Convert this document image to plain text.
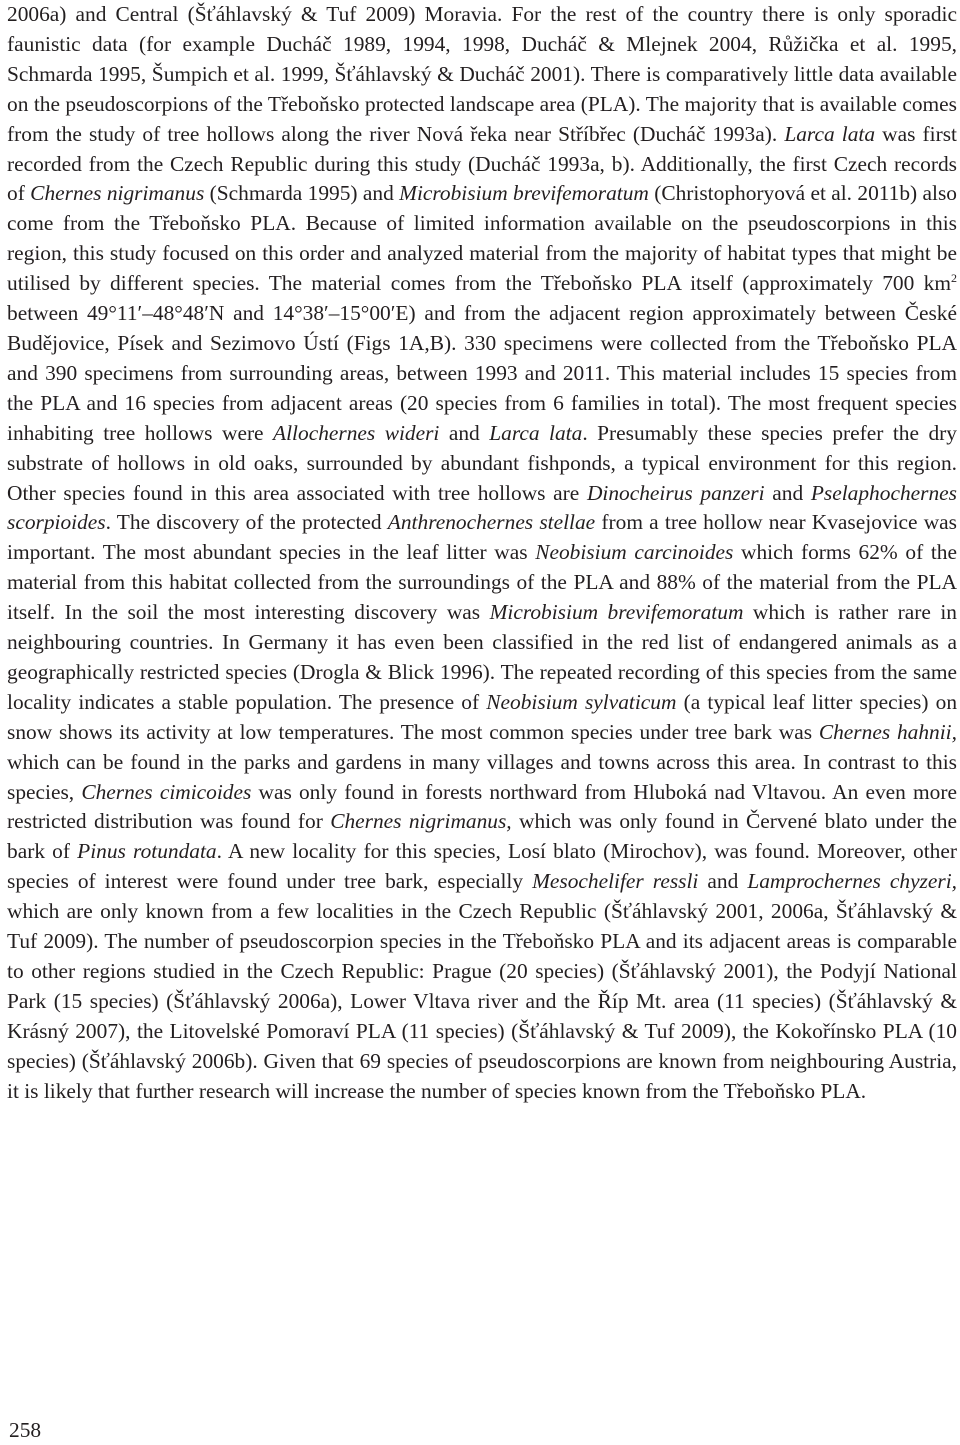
2006a) and Central (Šťáhlavský & Tuf 2009) Moravia. For the rest of the country there is only sporadic faunistic data (for example Ducháč 1989, 1994, 1998, Ducháč & Mlejnek 2004, Růžička et al. 1995, Schmarda 1995, Šumpich et al. 1999, Šťáhlavský & Ducháč 2001). There is comparatively little data available on the pseudoscorpions of the Třeboňsko protected landscape area (PLA). The majority that is available comes from the study of tree hollows along the river Nová řeka near Stříbřec (Ducháč 1993a). Larca lata was first recorded from the Czech Republic during this study (Ducháč 1993a, b). Additionally, the first Czech records of Chernes nigrimanus (Schmarda 1995) and Microbisium brevifemoratum (Christophoryová et al. 2011b) also come from the Třeboňsko PLA. Because of limited information available on the pseudoscorpions in this region, this study focused on this order and analyzed material from the majority of habitat types that might be utilised by different species. The material comes from the Třeboňsko PLA itself (approximately 700 $km^2$ between 49°11′–48°48′N and 14°38′–15°00′E) and from the adjacent region approximately between České Budějovice, Písek and Sezimovo Ústí (Figs 1A,B). 330 specimens were collected from the Třeboňsko PLA and 390 specimens from surrounding areas, between 1993 and 2011. This material includes 15 species from the PLA and 16 species from adjacent areas (20 species from 6 families in total). The most frequent species inhabiting tree hollows were Allochernes wideri and Larca lata. Presumably these species prefer the dry substrate of hollows in old oaks, surrounded by abundant fishponds, a typical environment for this region. Other species found in this area associated with tree hollows are Dinocheirus panzeri and Pselaphochernes scorpioides. The discovery of the protected Anthrenochernes stellae from a tree hollow near Kvasejovice was important. The most abundant species in the leaf litter was Neobisium carcinoides which forms 62% of the material from this habitat collected from the surroundings of the PLA and 88% of the material from the PLA itself. In the soil the most interesting discovery was Microbisium brevifemoratum which is rather rare in neighbouring countries. In Germany it has even been classified in the red list of endangered animals as a geographically restricted species (Drogla & Blick 1996). The repeated recording of this species from the same locality indicates a stable population. The presence of Neobisium sylvaticum (a typical leaf litter species) on snow shows its activity at low temperatures. The most common species under tree bark was Chernes hahnii, which can be found in the parks and gardens in many villages and towns across this area. In contrast to this species, Chernes cimicoides was only found in forests northward from Hluboká nad Vltavou. An even more restricted distribution was found for Chernes nigrimanus, which was only found in Červené blato under the bark of Pinus rotundata. A new locality for this species, Losí blato (Mirochov), was found. Moreover, other species of interest were found under tree bark, especially Mesochelifer ressli and Lamprochernes chyzeri, which are only known from a few localities in the Czech Republic (Šťáhlavský 2001, 2006a, Šťáhlavský & Tuf 2009). The number of pseudoscorpion species in the Třeboňsko PLA and its adjacent areas is comparable to other regions studied in the Czech Republic: Prague (20 species) (Šťáhlavský 2001), the Podyjí National Park (15 species) (Šťáhlavský 2006a), Lower Vltava river and the Říp Mt. area (11 species) (Šťáhlavský & Krásný 2007), the Litovelské Pomoraví PLA (11 species) (Šťáhlavský & Tuf 2009), the Kokořínsko PLA (10 species) (Šťáhlavský 2006b). Given that 69 species of pseudoscorpions are known from neighbouring Austria, it is likely that further research will increase the number of species known from the Třeboňsko PLA.

258
